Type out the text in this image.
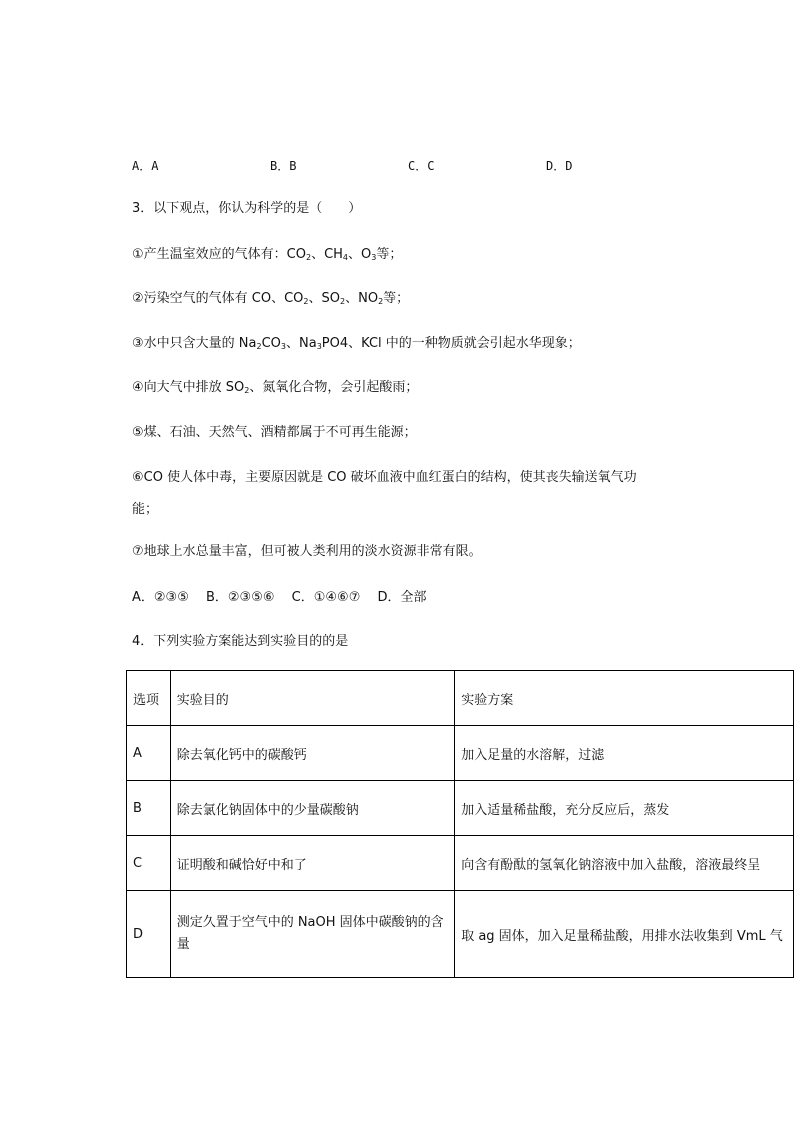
A．A	B．B	C．C	D．D
3．以下观点，你认为科学的是（　　）
①产生温室效应的气体有：$CO_2$、$CH_4$、$O_3$等；
②污染空气的气体有 CO、$CO_2$、$SO_2$、$NO_2$等；
③水中只含大量的 $Na_2CO_3$、$Na_3PO4$、KCl 中的一种物质就会引起水华现象；
④向大气中排放 $SO_2$、氮氧化合物，会引起酸雨；
⑤煤、石油、天然气、酒精都属于不可再生能源；
⑥CO 使人体中毒，主要原因就是 CO 破坏血液中血红蛋白的结构，使其丧失输送氧气功
能；
⑦地球上水总量丰富，但可被人类利用的淡水资源非常有限。
A．②③⑤　 B．②③⑤⑥　 C．①④⑥⑦　 D．全部
4．下列实验方案能达到实验目的的是
选项	实验目的	实验方案
A	除去氧化钙中的碳酸钙	加入足量的水溶解，过滤
B	除去氯化钠固体中的少量碳酸钠	加入适量稀盐酸，充分反应后，蒸发
C	证明酸和碱恰好中和了	向含有酚酞的氢氧化钠溶液中加入盐酸，溶液最终呈
D	测定久置于空气中的 NaOH 固体中碳酸钠的含量	取 ag 固体，加入足量稀盐酸，用排水法收集到 VmL 气
